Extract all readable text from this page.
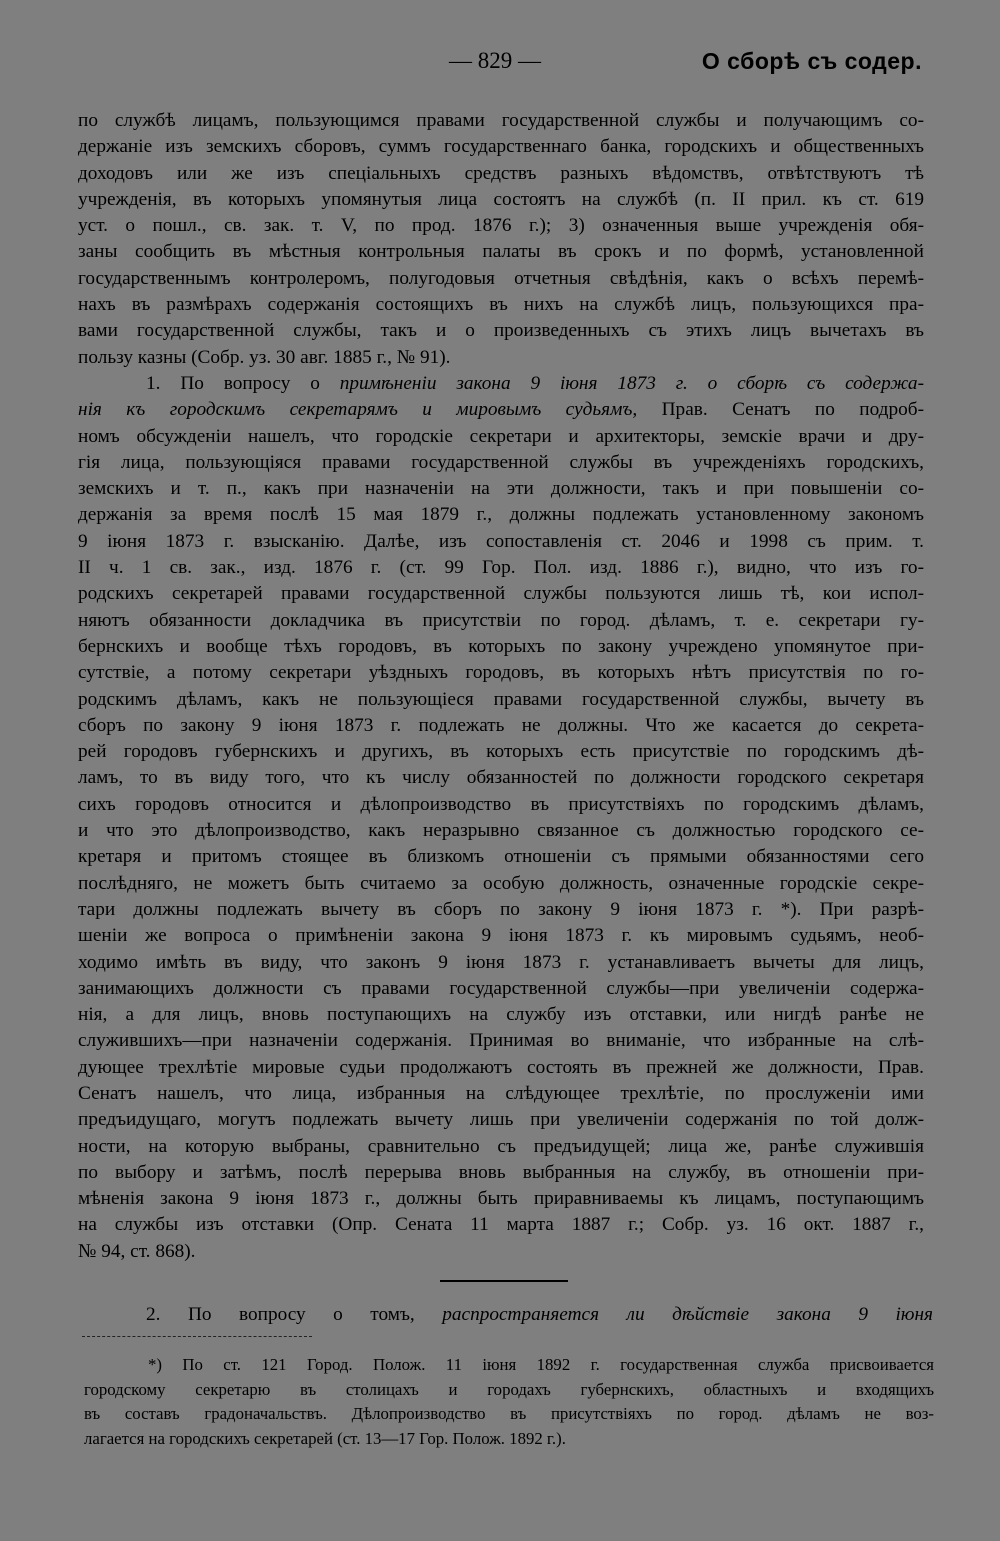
— 829 —	О сборѣ съ содер.
по службѣ лицамъ, пользующимся правами государственной службы и получающимъ со-
держаніе изъ земскихъ сборовъ, суммъ государственнаго банка, городскихъ и общественныхъ
доходовъ или же изъ спеціальныхъ средствъ разныхъ вѣдомствъ, отвѣтствуютъ тѣ
учрежденія, въ которыхъ упомянутыя лица состоятъ на службѣ (п. II прил. къ ст. 619
уст. о пошл., св. зак. т. V, по прод. 1876 г.); 3) означенныя выше учрежденія обя-
заны сообщить въ мѣстныя контрольныя палаты въ срокъ и по формѣ, установленной
государственнымъ контролеромъ, полугодовыя отчетныя свѣдѣнія, какъ о всѣхъ перемѣ-
нахъ въ размѣрахъ содержанія состоящихъ въ нихъ на службѣ лицъ, пользующихся пра-
вами государственной службы, такъ и о произведенныхъ съ этихъ лицъ вычетахъ въ
пользу казны (Собр. уз. 30 авг. 1885 г., № 91).
1. По вопросу о примѣненіи закона 9 іюня 1873 г. о сборѣ съ содержа-
нія къ городскимъ секретарямъ и мировымъ судьямъ, Прав. Сенатъ по подроб-
номъ обсужденіи нашелъ, что городскіе секретари и архитекторы, земскіе врачи и дру-
гія лица, пользующіяся правами государственной службы въ учрежденіяхъ городскихъ,
земскихъ и т. п., какъ при назначеніи на эти должности, такъ и при повышеніи со-
держанія за время послѣ 15 мая 1879 г., должны подлежать установленному закономъ
9 іюня 1873 г. взысканію. Далѣе, изъ сопоставленія ст. 2046 и 1998 съ прим. т.
II ч. 1 св. зак., изд. 1876 г. (ст. 99 Гор. Пол. изд. 1886 г.), видно, что изъ го-
родскихъ секретарей правами государственной службы пользуются лишь тѣ, кои испол-
няютъ обязанности докладчика въ присутствіи по город. дѣламъ, т. е. секретари гу-
бернскихъ и вообще тѣхъ городовъ, въ которыхъ по закону учреждено упомянутое при-
сутствіе, а потому секретари уѣздныхъ городовъ, въ которыхъ нѣтъ присутствія по го-
родскимъ дѣламъ, какъ не пользующіеся правами государственной службы, вычету въ
сборъ по закону 9 іюня 1873 г. подлежать не должны. Что же касается до секрета-
рей городовъ губернскихъ и другихъ, въ которыхъ есть присутствіе по городскимъ дѣ-
ламъ, то въ виду того, что къ числу обязанностей по должности городского секретаря
сихъ городовъ относится и дѣлопроизводство въ присутствіяхъ по городскимъ дѣламъ,
и что это дѣлопроизводство, какъ неразрывно связанное съ должностью городского се-
кретаря и притомъ стоящее въ близкомъ отношеніи съ прямыми обязанностями сего
послѣдняго, не можетъ быть считаемо за особую должность, означенные городскіе секре-
тари должны подлежать вычету въ сборъ по закону 9 іюня 1873 г. *). При разрѣ-
шеніи же вопроса о примѣненіи закона 9 іюня 1873 г. къ мировымъ судьямъ, необ-
ходимо имѣть въ виду, что законъ 9 іюня 1873 г. устанавливаетъ вычеты для лицъ,
занимающихъ должности съ правами государственной службы—при увеличеніи содержа-
нія, а для лицъ, вновь поступающихъ на службу изъ отставки, или нигдѣ ранѣе не
служившихъ—при назначеніи содержанія. Принимая во вниманіе, что избранные на слѣ-
дующее трехлѣтіе мировые судьи продолжаютъ состоять въ прежней же должности, Прав.
Сенатъ нашелъ, что лица, избранныя на слѣдующее трехлѣтіе, по прослуженіи ими
предъидущаго, могутъ подлежать вычету лишь при увеличеніи содержанія по той долж-
ности, на которую выбраны, сравнительно съ предъидущей; лица же, ранѣе служившія
по выбору и затѣмъ, послѣ перерыва вновь выбранныя на службу, въ отношеніи при-
мѣненія закона 9 іюня 1873 г., должны быть приравниваемы къ лицамъ, поступающимъ
на службы изъ отставки (Опр. Сената 11 марта 1887 г.; Собр. уз. 16 окт. 1887 г.,
№ 94, ст. 868).
2. По вопросу о томъ, распространяется ли дѣйствіе закона 9 іюня
*) По ст. 121 Город. Полож. 11 іюня 1892 г. государственная служба присвоивается
городскому секретарю въ столицахъ и городахъ губернскихъ, областныхъ и входящихъ
въ составъ градоначальствъ. Дѣлопроизводство въ присутствіяхъ по город. дѣламъ не воз-
лагается на городскихъ секретарей (ст. 13—17 Гор. Полож. 1892 г.).
